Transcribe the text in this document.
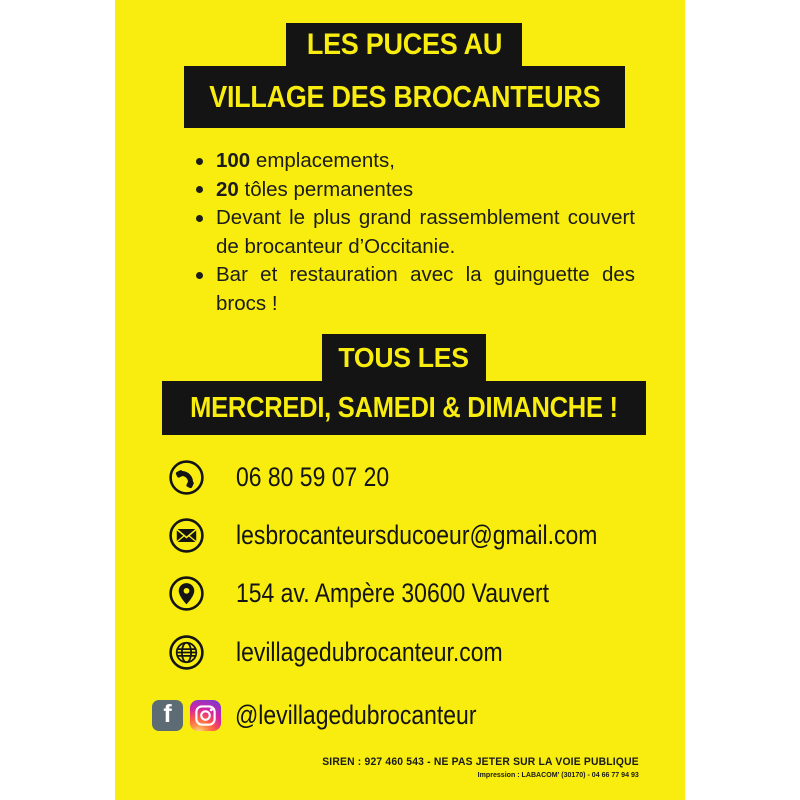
LES PUCES AU
VILLAGE DES BROCANTEURS
100 emplacements,
20 tôles permanentes
Devant le plus grand rassemblement couvert de brocanteur d’Occitanie.
Bar et restauration avec la guinguette des brocs !
TOUS LES
MERCREDI, SAMEDI & DIMANCHE !
06 80 59 07 20
lesbrocanteursducoeur@gmail.com
154 av. Ampère 30600 Vauvert
levillagedubrocanteur.com
f @levillagedubrocanteur
SIREN : 927 460 543 - NE PAS JETER SUR LA VOIE PUBLIQUE
Impression : LABACOM' (30170) - 04 66 77 94 93
